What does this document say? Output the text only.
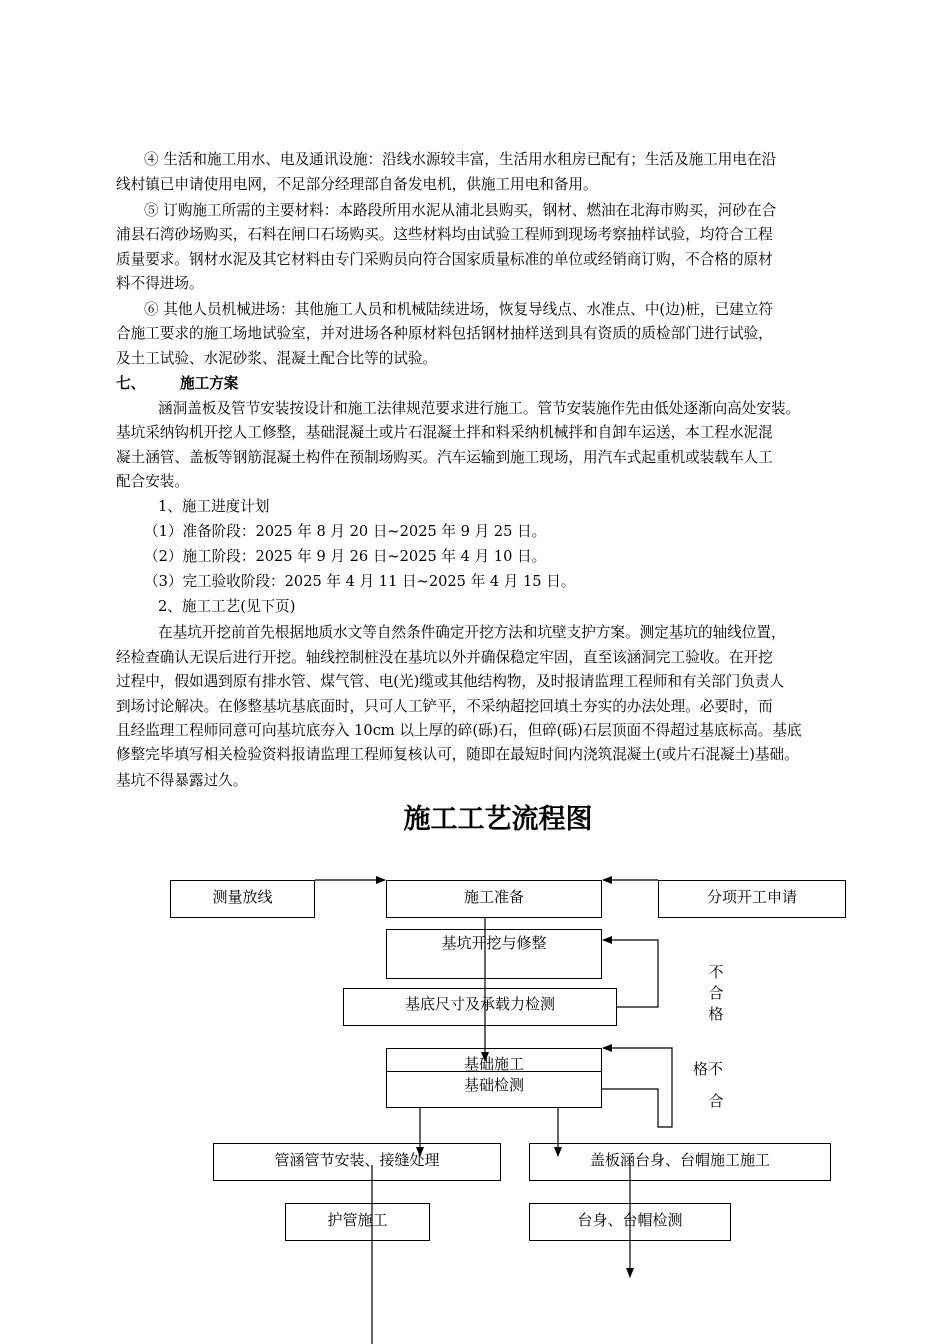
④ 生活和施工用水、电及通讯设施：沿线水源较丰富，生活用水租房已配有；生活及施工用电在沿
线村镇已申请使用电网，不足部分经理部自备发电机，供施工用电和备用。
⑤ 订购施工所需的主要材料：本路段所用水泥从浦北县购买，钢材、燃油在北海市购买，河砂在合
浦县石湾砂场购买，石料在闸口石场购买。这些材料均由试验工程师到现场考察抽样试验，均符合工程
质量要求。钢材水泥及其它材料由专门采购员向符合国家质量标准的单位或经销商订购，不合格的原材
料不得进场。
⑥ 其他人员机械进场：其他施工人员和机械陆续进场，恢复导线点、水准点、中(边)桩，已建立符
合施工要求的施工场地试验室，并对进场各种原材料包括钢材抽样送到具有资质的质检部门进行试验，
及土工试验、水泥砂浆、混凝土配合比等的试验。
七、 施工方案
涵洞盖板及管节安装按设计和施工法律规范要求进行施工。管节安装施作先由低处逐渐向高处安装。
基坑采纳钩机开挖人工修整，基础混凝土或片石混凝土拌和料采纳机械拌和自卸车运送，本工程水泥混
凝土涵管、盖板等钢筋混凝土构件在预制场购买。汽车运输到施工现场，用汽车式起重机或装载车人工
配合安装。
1、施工进度计划
（1）准备阶段：2025 年 8 月 20 日~2025 年 9 月 25 日。
（2）施工阶段：2025 年 9 月 26 日~2025 年 4 月 10 日。
（3）完工验收阶段：2025 年 4 月 11 日~2025 年 4 月 15 日。
2、施工工艺(见下页)
在基坑开挖前首先根据地质水文等自然条件确定开挖方法和坑壁支护方案。测定基坑的轴线位置，
经检查确认无误后进行开挖。轴线控制桩没在基坑以外并确保稳定牢固，直至该涵洞完工验收。在开挖
过程中，假如遇到原有排水管、煤气管、电(光)缆或其他结构物，及时报请监理工程师和有关部门负责人
到场讨论解决。在修整基坑基底面时，只可人工铲平，不采纳超挖回填土夯实的办法处理。必要时，而
且经监理工程师同意可向基坑底夯入 10cm 以上厚的碎(砾)石，但碎(砾)石层顶面不得超过基底标高。基底
修整完毕填写相关检验资料报请监理工程师复核认可，随即在最短时间内浇筑混凝土(或片石混凝土)基础。
基坑不得暴露过久。
施工工艺流程图
测量放线	施工准备	分项开工申请
基坑开挖与修整
基底尺寸及承载力检测
基础施工
基础检测
管涵管节安装、接缝处理	盖板涵台身、台帽施工施工
护管施工	台身、台帽检测
不
合
格
格不
合
